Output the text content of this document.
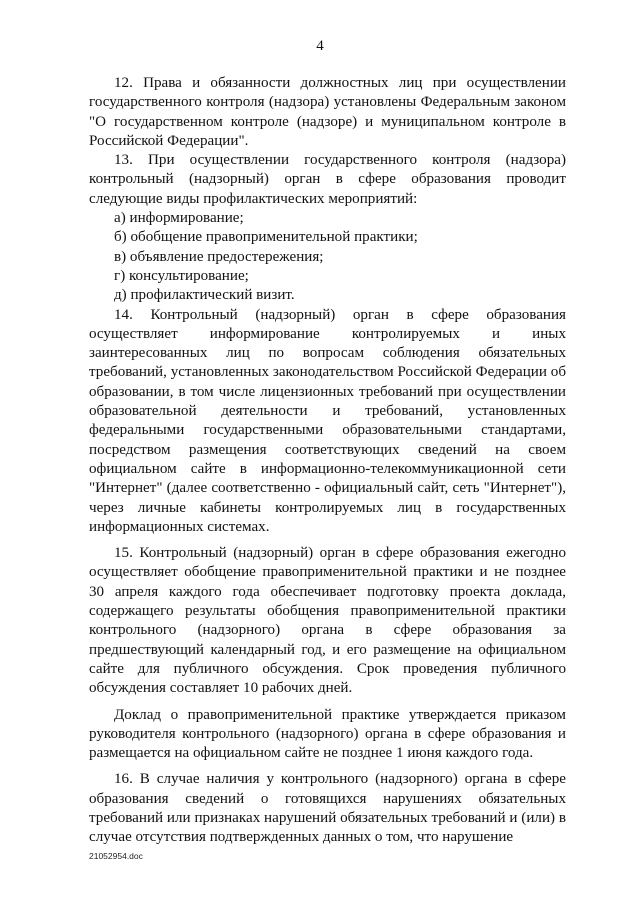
4

12. Права и обязанности должностных лиц при осуществлении государственного контроля (надзора) установлены Федеральным законом "О государственном контроле (надзоре) и муниципальном контроле в Российской Федерации".

13. При осуществлении государственного контроля (надзора) контрольный (надзорный) орган в сфере образования проводит следующие виды профилактических мероприятий:

а) информирование;

б) обобщение правоприменительной практики;

в) объявление предостережения;

г) консультирование;

д) профилактический визит.

14. Контрольный (надзорный) орган в сфере образования осуществляет информирование контролируемых и иных заинтересованных лиц по вопросам соблюдения обязательных требований, установленных законодательством Российской Федерации об образовании, в том числе лицензионных требований при осуществлении образовательной деятельности и требований, установленных федеральными государственными образовательными стандартами, посредством размещения соответствующих сведений на своем официальном сайте в информационно-телекоммуникационной сети "Интернет" (далее соответственно - официальный сайт, сеть "Интернет"), через личные кабинеты контролируемых лиц в государственных информационных системах.

15. Контрольный (надзорный) орган в сфере образования ежегодно осуществляет обобщение правоприменительной практики и не позднее 30 апреля каждого года обеспечивает подготовку проекта доклада, содержащего результаты обобщения правоприменительной практики контрольного (надзорного) органа в сфере образования за предшествующий календарный год, и его размещение на официальном сайте для публичного обсуждения. Срок проведения публичного обсуждения составляет 10 рабочих дней.

Доклад о правоприменительной практике утверждается приказом руководителя контрольного (надзорного) органа в сфере образования и размещается на официальном сайте не позднее 1 июня каждого года.

16. В случае наличия у контрольного (надзорного) органа в сфере образования сведений о готовящихся нарушениях обязательных требований или признаках нарушений обязательных требований и (или) в случае отсутствия подтвержденных данных о том, что нарушение

21052954.doc
